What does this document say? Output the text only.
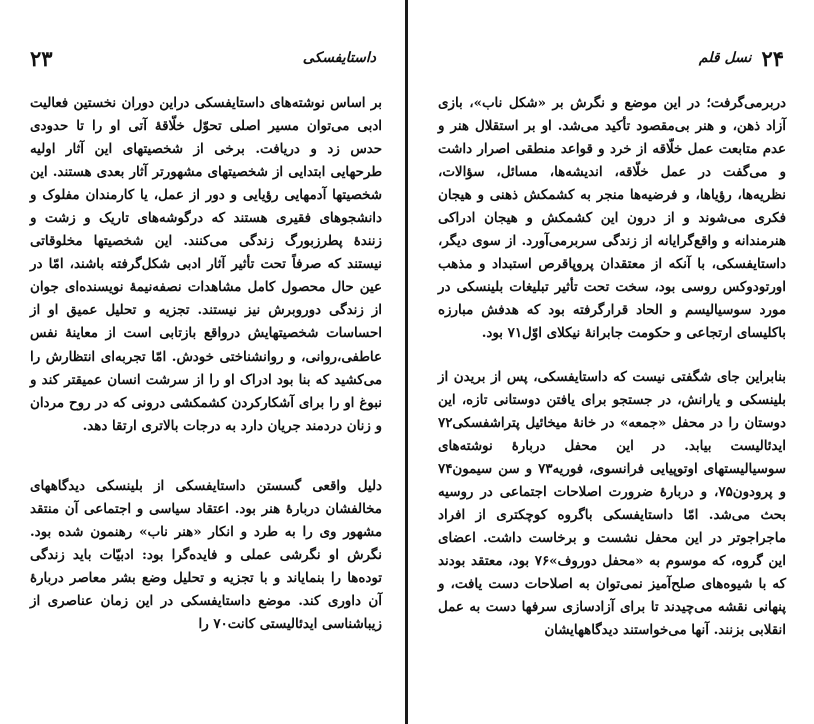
۲۳	داستایفسکی

بر اساس نوشته‌های داستایفسکی دراین دوران نخستین فعالیت ادبی می‌توان مسیر اصلی تحوّل خلّاقهٔ آتی او را تا حدودی حدس زد و دریافت. برخی از شخصیتهای این آثار اولیه طرحهایی ابتدایی از شخصیتهای مشهورتر آثار بعدی هستند. این شخصیتها آدمهایی رؤیایی و دور از عمل، یا کارمندان مفلوک و دانشجوهای فقیری هستند که درگوشه‌های تاریک و زشت و زنندهٔ پطرزبورگ زندگی می‌کنند. این شخصیتها مخلوقاتی نیستند که صرفاً تحت تأثیر آثار ادبی شکل‌گرفته باشند، امّا در عین حال محصول کامل مشاهدات نصفه‌نیمهٔ نویسنده‌ای جوان از زندگی دوروبرش نیز نیستند. تجزیه و تحلیل عمیق او از احساسات شخصیتهایش درواقع بازتابی است از معاینهٔ نفس عاطفی،روانی، و روانشناختی خودش. امّا تجربه‌ای انتظارش را می‌کشید که بنا بود ادراک او را از سرشت انسان عمیقتر کند و نبوغ او را برای آشکارکردن کشمکشی درونی که در روح مردان و زنان دردمند جریان دارد به درجات بالاتری ارتقا دهد.

دلیل واقعی گسستن داستایفسکی از بلینسکی دیدگاههای مخالفشان دربارهٔ هنر بود. اعتقاد سیاسی و اجتماعی آن منتقد مشهور وی را به طرد و انکار «هنر ناب» رهنمون شده بود. نگرش او نگرشی عملی و فایده‌گرا بود: ادبیّات باید زندگی توده‌ها را بنمایاند و با تجزیه و تحلیل وضع بشر معاصر دربارهٔ آن داوری کند. موضع داستایفسکی در این زمان عناصری از زیباشناسی ایدئالیستی کانت۷۰ را

نسل قلم ۲۴

دربرمی‌گرفت؛ در این موضع و نگرش بر «شکل ناب»، بازی آزاد ذهن، و هنر بی‌مقصود تأکید می‌شد. او بر استقلال هنر و عدم متابعت عمل خلّاقه از خرد و قواعد منطقی اصرار داشت و می‌گفت در عمل خلّاقه، اندیشه‌ها، مسائل، سؤالات، نظریه‌ها، رؤیاها، و فرضیه‌ها منجر به کشمکش ذهنی و هیجان فکری می‌شوند و از درون این کشمکش و هیجان ادراکی هنرمندانه و واقع‌گرایانه از زندگی سربرمی‌آورد. از سوی دیگر، داستایفسکی، با آنکه از معتقدان پروپاقرص استبداد و مذهب اورتودوکس روسی بود، سخت تحت تأثیر تبلیغات بلینسکی در مورد سوسیالیسم و الحاد قرارگرفته بود که هدفش مبارزه باکلیسای ارتجاعی و حکومت جابرانهٔ نیکلای اوّل۷۱ بود.

بنابراین جای شگفتی نیست که داستایفسکی، پس از بریدن از بلینسکی و یارانش، در جستجو برای یافتن دوستانی تازه، این دوستان را در محفل «جمعه» در خانهٔ میخائیل پتراشفسکی۷۲ ایدئالیست بیابد. در این محفل دربارهٔ نوشته‌های سوسیالیستهای اوتوپیایی فرانسوی، فوریه۷۳ و سن سیمون۷۴ و پرودون۷۵، و دربارهٔ ضرورت اصلاحات اجتماعی در روسیه بحث می‌شد. امّا داستایفسکی باگروه کوچکتری از افراد ماجراجوتر در این محفل نشست و برخاست داشت. اعضای این گروه، که موسوم به «محفل دوروف»۷۶ بود، معتقد بودند که با شیوه‌های صلح‌آمیز نمی‌توان به اصلاحات دست یافت، و پنهانی نقشه می‌چیدند تا برای آزادسازی سرفها دست به عمل انقلابی بزنند. آنها می‌خواستند دیدگاههایشان
